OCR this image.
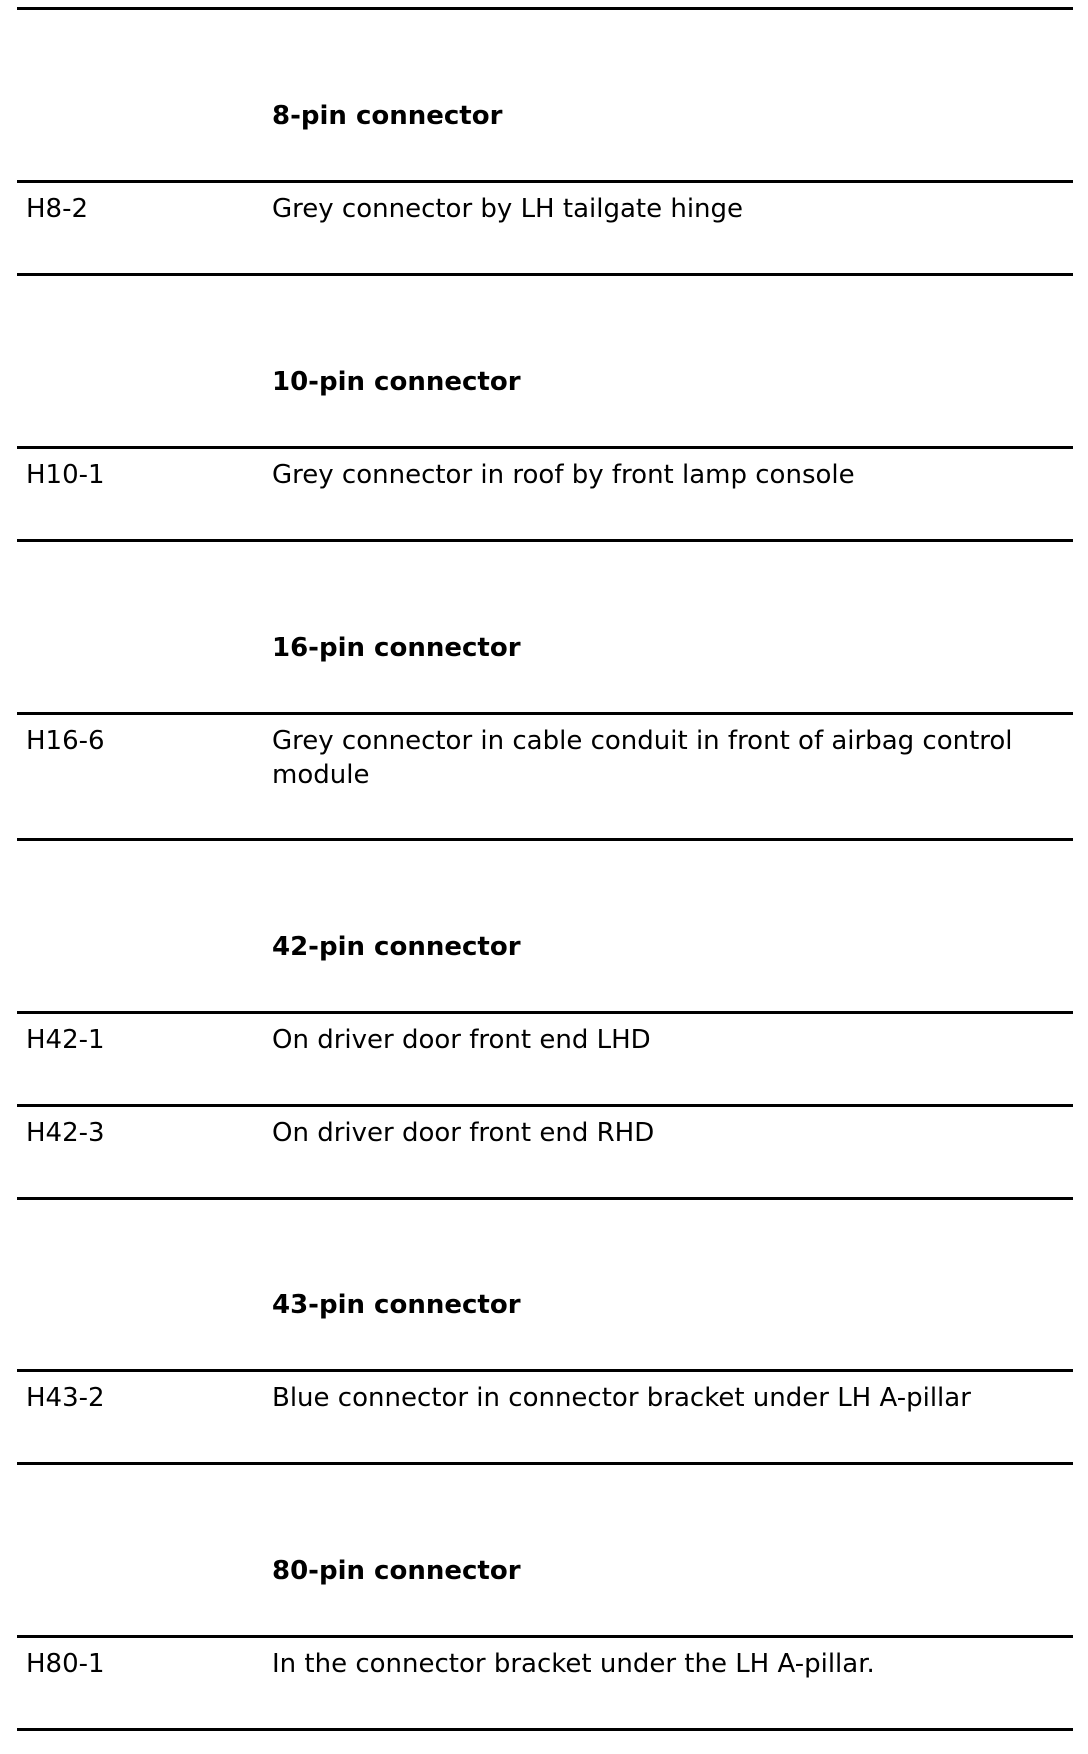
8-pin connector
H8-2	Grey connector by LH tailgate hinge
10-pin connector
H10-1	Grey connector in roof by front lamp console
16-pin connector
H16-6	Grey connector in cable conduit in front of airbag control module
42-pin connector
H42-1	On driver door front end LHD
H42-3	On driver door front end RHD
43-pin connector
H43-2	Blue connector in connector bracket under LH A-pillar
80-pin connector
H80-1	In the connector bracket under the LH A-pillar.
